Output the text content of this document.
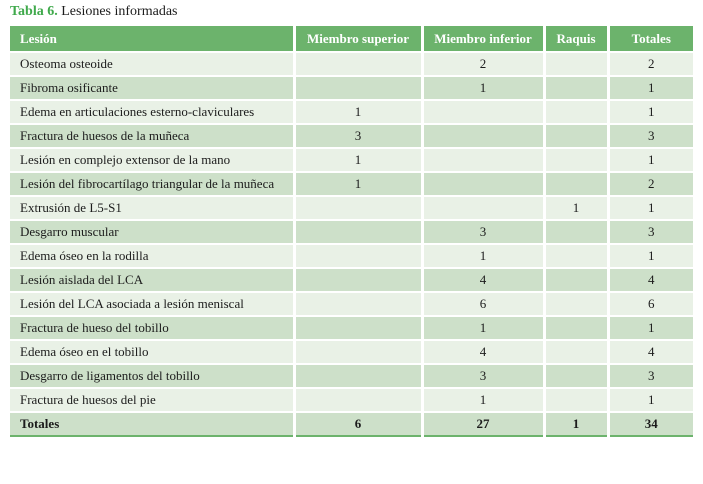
Tabla 6. Lesiones informadas
Lesión	Miembro superior	Miembro inferior	Raquis	Totales
Osteoma osteoide		2		2
Fibroma osificante		1		1
Edema en articulaciones esterno-claviculares	1			1
Fractura de huesos de la muñeca	3			3
Lesión en complejo extensor de la mano	1			1
Lesión del fibrocartílago triangular de la muñeca	1			2
Extrusión de L5-S1			1	1
Desgarro muscular		3		3
Edema óseo en la rodilla		1		1
Lesión aislada del LCA		4		4
Lesión del LCA asociada a lesión meniscal		6		6
Fractura de hueso del tobillo		1		1
Edema óseo en el tobillo		4		4
Desgarro de ligamentos del tobillo		3		3
Fractura de huesos del pie		1		1
Totales	6	27	1	34
